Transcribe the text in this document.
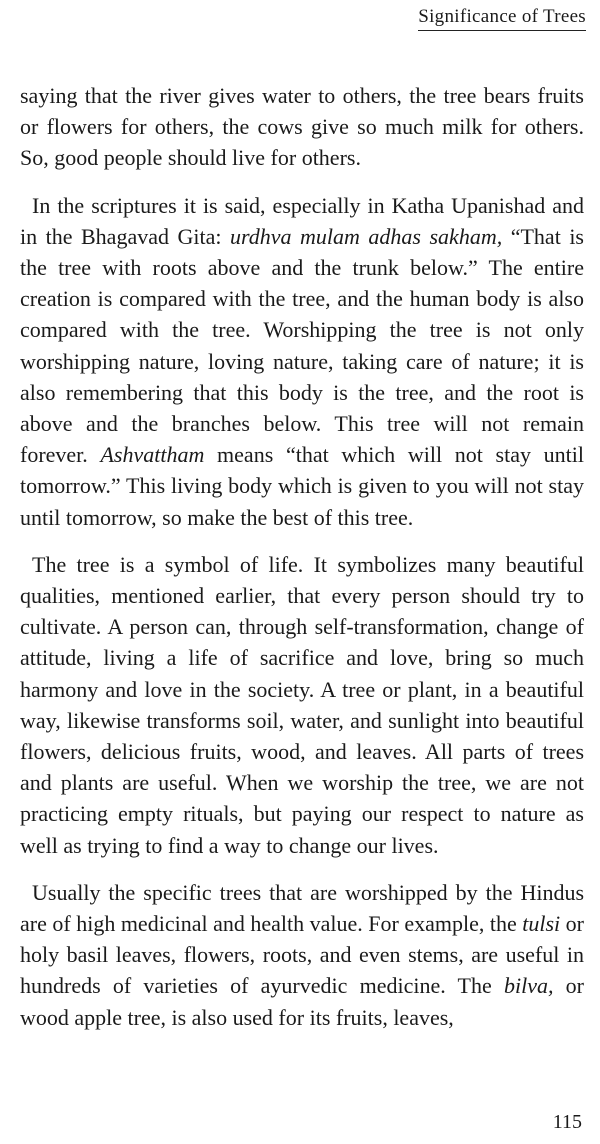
Significance of Trees

saying that the river gives water to others, the tree bears fruits or flowers for others, the cows give so much milk for others. So, good people should live for others.

In the scriptures it is said, especially in Katha Upanishad and in the Bhagavad Gita: urdhva mulam adhas sakham, “That is the tree with roots above and the trunk below.” The entire creation is compared with the tree, and the human body is also compared with the tree. Worshipping the tree is not only worshipping nature, loving nature, taking care of nature; it is also remembering that this body is the tree, and the root is above and the branches below. This tree will not remain forever. Ashvattham means “that which will not stay until tomorrow.” This living body which is given to you will not stay until tomorrow, so make the best of this tree.

The tree is a symbol of life. It symbolizes many beautiful qualities, mentioned earlier, that every person should try to cultivate. A person can, through self-transformation, change of attitude, living a life of sacrifice and love, bring so much harmony and love in the society. A tree or plant, in a beautiful way, likewise transforms soil, water, and sunlight into beautiful flowers, delicious fruits, wood, and leaves. All parts of trees and plants are useful. When we worship the tree, we are not practicing empty rituals, but paying our respect to nature as well as trying to find a way to change our lives.

Usually the specific trees that are worshipped by the Hindus are of high medicinal and health value. For example, the tulsi or holy basil leaves, flowers, roots, and even stems, are useful in hundreds of varieties of ayurvedic medicine. The bilva, or wood apple tree, is also used for its fruits, leaves,

115
